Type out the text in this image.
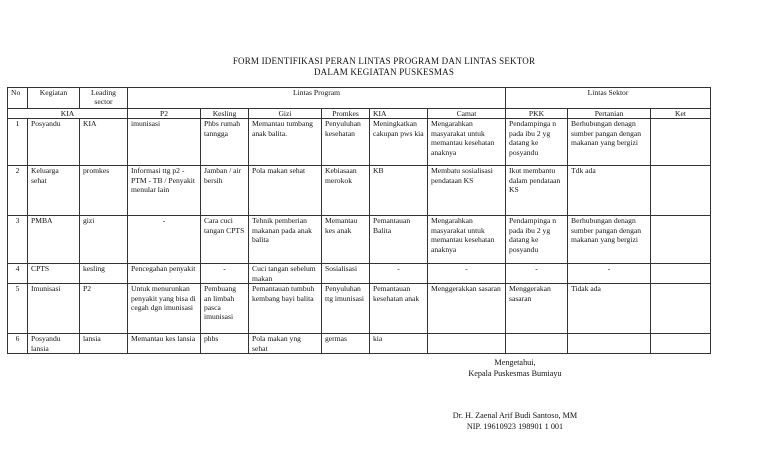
FORM IDENTIFIKASI PERAN LINTAS PROGRAM DAN LINTAS SEKTOR
DALAM KEGIATAN PUSKESMAS
No	Kegiatan	Leading sector	Lintas Program						Lintas Sektor		
KIA			P2	Kesling	Gizi	Promkes	KIA	Camat	PKK	Pertanian	Ket
1	Posyandu	KIA	imunisasi	Phbs rumah tanngga	Memantau tumbang anak balita.	Penyuluhan kesehatan	Meningkatkan cakupan pws kia	Mengarahkan masyarakat untuk memantau kesehatan anaknya	Pendampinga n pada ibu 2 yg datang ke posyandu	Berhubungan denagn sumber pangan dengan makanan yang bergizi	
2	Keluarga sehat	promkes	Informasi ttg p2 -PTM - TB / Penyakit menular lain	Jamban / air bersih	Pola makan sehat	Kebiasaan merokok	KB	Membatu sosialisasi pendataan KS	Ikut membantu dalam pendataan KS	Tdk ada	
3	PMBA	gizi	-	Cara cuci tangan CPTS	Tehnik pemberian makanan pada anak balita	Memantau kes anak	Pemantauan Balita	Mengarahkan masyarakat untuk memantau kesehatan anaknya	Pendampinga n pada ibu 2 yg datang ke posyandu	Berhubungan denagn sumber pangan dengan makanan yang bergizi	
4	CPTS	kesling	Pencegahan penyakit	-	Cuci tangan sebelum makan	Sosialisasi	-	-	-	-	
5	Imunisasi	P2	Untuk menurunkan penyakit yang bisa di cegah dgn imunisasi	Pembuang an limbah pasca imunisasi	Pemantauan tumbuh kembang bayi balita	Penyuluhan ttg imunisasi	Pemantauan kesehatan anak	Menggerakkan sasaran	Menggerakan sasaran	Tidak ada	
6	Posyandu lansia	lansia	Memantau kes lansia	phbs	Pola makan yng sehat	germas	kia				
Mengetahui,
Kepala Puskesmas Bumiayu
Dr. H. Zaenal Arif Budi Santoso, MM
NIP. 19610923 198901 1 001
